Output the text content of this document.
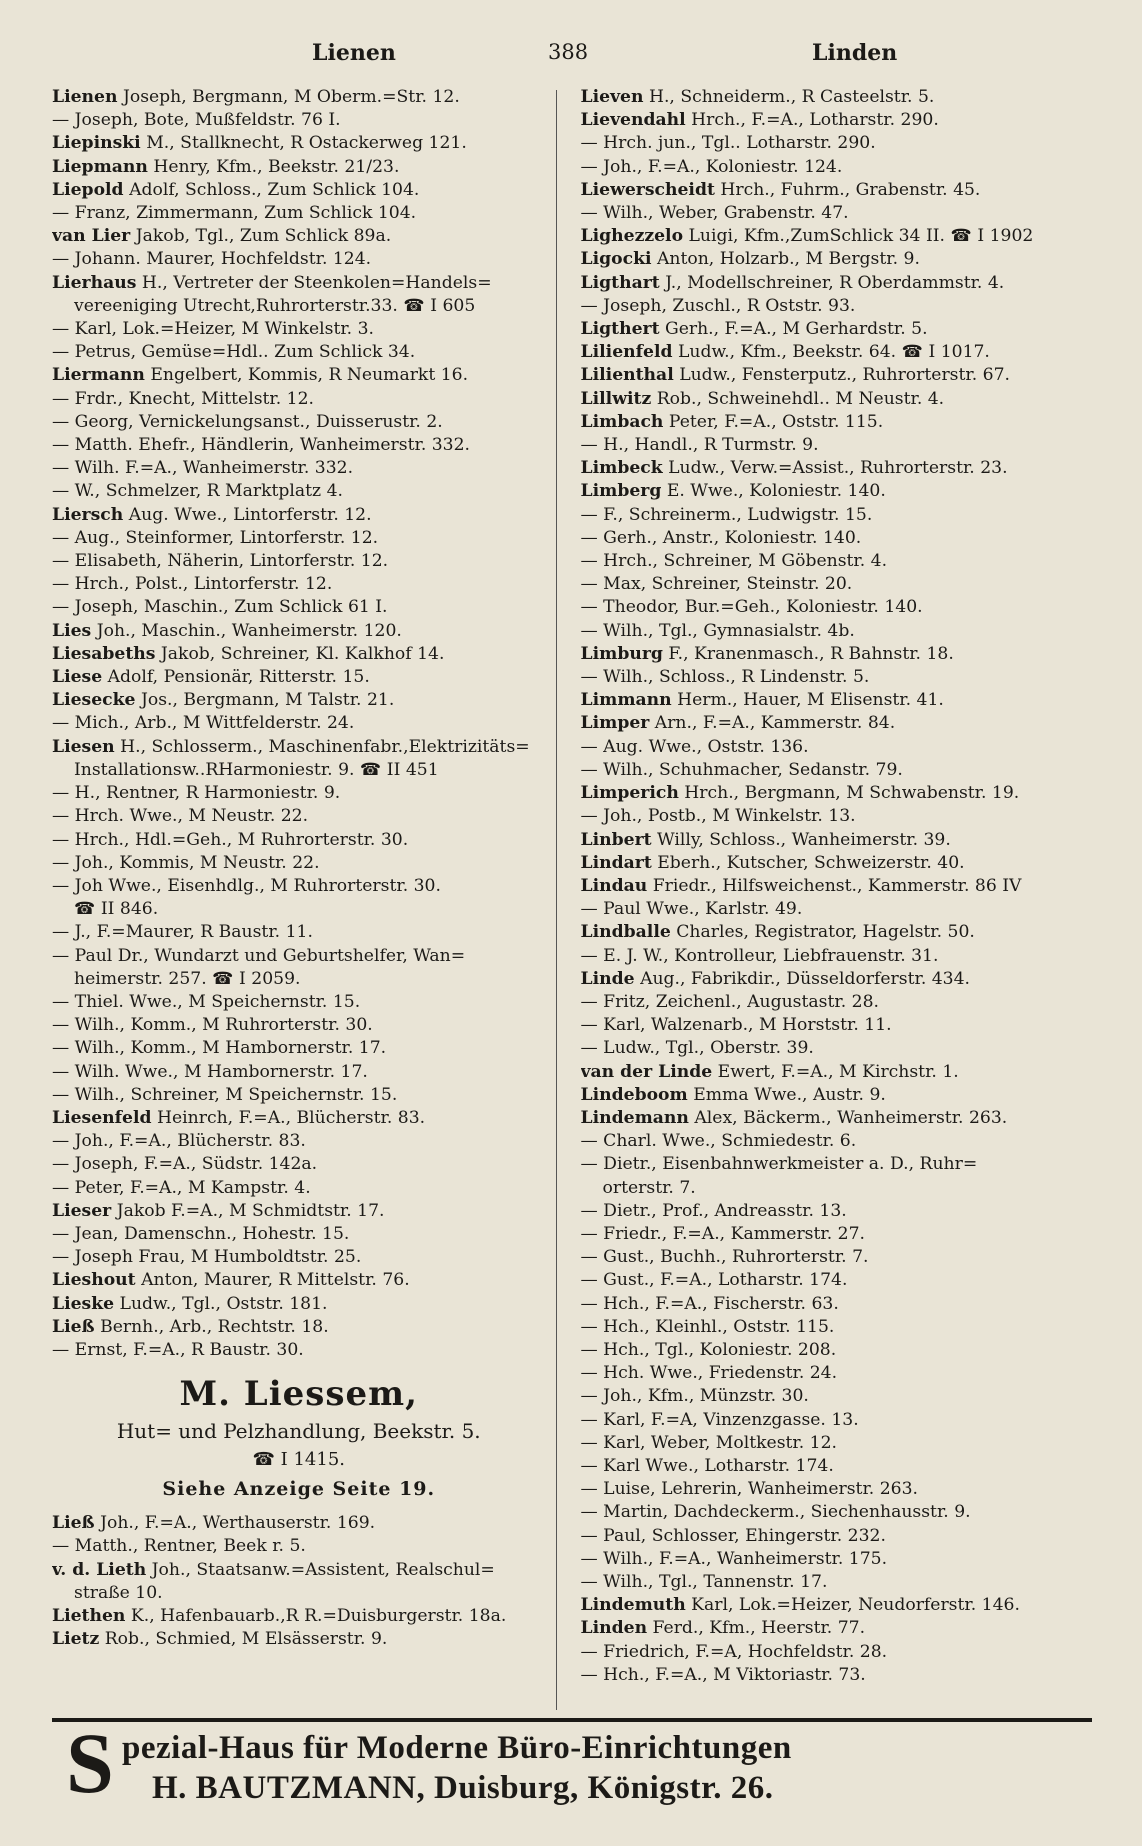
Lienen	388	Linden
Lienen Joseph, Bergmann, M Oberm.=Str. 12.
— Joseph, Bote, Mußfeldstr. 76 I.
Liepinski M., Stallknecht, R Ostackerweg 121.
Liepmann Henry, Kfm., Beekstr. 21/23.
Liepold Adolf, Schloss., Zum Schlick 104.
— Franz, Zimmermann, Zum Schlick 104.
van Lier Jakob, Tgl., Zum Schlick 89a.
— Johann. Maurer, Hochfeldstr. 124.
Lierhaus H., Vertreter der Steenkolen=Handels=
vereeniging Utrecht,Ruhrorterstr.33. ☎ I 605
— Karl, Lok.=Heizer, M Winkelstr. 3.
— Petrus, Gemüse=Hdl.. Zum Schlick 34.
Liermann Engelbert, Kommis, R Neumarkt 16.
— Frdr., Knecht, Mittelstr. 12.
— Georg, Vernickelungsanst., Duisserustr. 2.
— Matth. Ehefr., Händlerin, Wanheimerstr. 332.
— Wilh. F.=A., Wanheimerstr. 332.
— W., Schmelzer, R Marktplatz 4.
Liersch Aug. Wwe., Lintorferstr. 12.
— Aug., Steinformer, Lintorferstr. 12.
— Elisabeth, Näherin, Lintorferstr. 12.
— Hrch., Polst., Lintorferstr. 12.
— Joseph, Maschin., Zum Schlick 61 I.
Lies Joh., Maschin., Wanheimerstr. 120.
Liesabeths Jakob, Schreiner, Kl. Kalkhof 14.
Liese Adolf, Pensionär, Ritterstr. 15.
Liesecke Jos., Bergmann, M Talstr. 21.
— Mich., Arb., M Wittfelderstr. 24.
Liesen H., Schlosserm., Maschinenfabr.,Elektrizitäts=
Installationsw..RHarmoniestr. 9. ☎ II 451
— H., Rentner, R Harmoniestr. 9.
— Hrch. Wwe., M Neustr. 22.
— Hrch., Hdl.=Geh., M Ruhrorterstr. 30.
— Joh., Kommis, M Neustr. 22.
— Joh Wwe., Eisenhdlg., M Ruhrorterstr. 30.
☎ II 846.
— J., F.=Maurer, R Baustr. 11.
— Paul Dr., Wundarzt und Geburtshelfer, Wan=
heimerstr. 257. ☎ I 2059.
— Thiel. Wwe., M Speichernstr. 15.
— Wilh., Komm., M Ruhrorterstr. 30.
— Wilh., Komm., M Hambornerstr. 17.
— Wilh. Wwe., M Hambornerstr. 17.
— Wilh., Schreiner, M Speichernstr. 15.
Liesenfeld Heinrch, F.=A., Blücherstr. 83.
— Joh., F.=A., Blücherstr. 83.
— Joseph, F.=A., Südstr. 142a.
— Peter, F.=A., M Kampstr. 4.
Lieser Jakob F.=A., M Schmidtstr. 17.
— Jean, Damenschn., Hohestr. 15.
— Joseph Frau, M Humboldtstr. 25.
Lieshout Anton, Maurer, R Mittelstr. 76.
Lieske Ludw., Tgl., Oststr. 181.
Ließ Bernh., Arb., Rechtstr. 18.
— Ernst, F.=A., R Baustr. 30.
M. Liessem,
Hut= und Pelzhandlung, Beekstr. 5.
☎ I 1415.
Siehe Anzeige Seite 19.
Ließ Joh., F.=A., Werthauserstr. 169.
— Matth., Rentner, Beek r. 5.
v. d. Lieth Joh., Staatsanw.=Assistent, Realschul=
straße 10.
Liethen K., Hafenbauarb.,R R.=Duisburgerstr. 18a.
Lietz Rob., Schmied, M Elsässerstr. 9.
Lieven H., Schneiderm., R Casteelstr. 5.
Lievendahl Hrch., F.=A., Lotharstr. 290.
— Hrch. jun., Tgl.. Lotharstr. 290.
— Joh., F.=A., Koloniestr. 124.
Liewerscheidt Hrch., Fuhrm., Grabenstr. 45.
— Wilh., Weber, Grabenstr. 47.
Lighezzelo Luigi, Kfm.,ZumSchlick 34 II. ☎ I 1902
Ligocki Anton, Holzarb., M Bergstr. 9.
Ligthart J., Modellschreiner, R Oberdammstr. 4.
— Joseph, Zuschl., R Oststr. 93.
Ligthert Gerh., F.=A., M Gerhardstr. 5.
Lilienfeld Ludw., Kfm., Beekstr. 64. ☎ I 1017.
Lilienthal Ludw., Fensterputz., Ruhrorterstr. 67.
Lillwitz Rob., Schweinehdl.. M Neustr. 4.
Limbach Peter, F.=A., Oststr. 115.
— H., Handl., R Turmstr. 9.
Limbeck Ludw., Verw.=Assist., Ruhrorterstr. 23.
Limberg E. Wwe., Koloniestr. 140.
— F., Schreinerm., Ludwigstr. 15.
— Gerh., Anstr., Koloniestr. 140.
— Hrch., Schreiner, M Göbenstr. 4.
— Max, Schreiner, Steinstr. 20.
— Theodor, Bur.=Geh., Koloniestr. 140.
— Wilh., Tgl., Gymnasialstr. 4b.
Limburg F., Kranenmasch., R Bahnstr. 18.
— Wilh., Schloss., R Lindenstr. 5.
Limmann Herm., Hauer, M Elisenstr. 41.
Limper Arn., F.=A., Kammerstr. 84.
— Aug. Wwe., Oststr. 136.
— Wilh., Schuhmacher, Sedanstr. 79.
Limperich Hrch., Bergmann, M Schwabenstr. 19.
— Joh., Postb., M Winkelstr. 13.
Linbert Willy, Schloss., Wanheimerstr. 39.
Lindart Eberh., Kutscher, Schweizerstr. 40.
Lindau Friedr., Hilfsweichenst., Kammerstr. 86 IV
— Paul Wwe., Karlstr. 49.
Lindballe Charles, Registrator, Hagelstr. 50.
— E. J. W., Kontrolleur, Liebfrauenstr. 31.
Linde Aug., Fabrikdir., Düsseldorferstr. 434.
— Fritz, Zeichenl., Augustastr. 28.
— Karl, Walzenarb., M Horststr. 11.
— Ludw., Tgl., Oberstr. 39.
van der Linde Ewert, F.=A., M Kirchstr. 1.
Lindeboom Emma Wwe., Austr. 9.
Lindemann Alex, Bäckerm., Wanheimerstr. 263.
— Charl. Wwe., Schmiedestr. 6.
— Dietr., Eisenbahnwerkmeister a. D., Ruhr=
orterstr. 7.
— Dietr., Prof., Andreasstr. 13.
— Friedr., F.=A., Kammerstr. 27.
— Gust., Buchh., Ruhrorterstr. 7.
— Gust., F.=A., Lotharstr. 174.
— Hch., F.=A., Fischerstr. 63.
— Hch., Kleinhl., Oststr. 115.
— Hch., Tgl., Koloniestr. 208.
— Hch. Wwe., Friedenstr. 24.
— Joh., Kfm., Münzstr. 30.
— Karl, F.=A, Vinzenzgasse. 13.
— Karl, Weber, Moltkestr. 12.
— Karl Wwe., Lotharstr. 174.
— Luise, Lehrerin, Wanheimerstr. 263.
— Martin, Dachdeckerm., Siechenhausstr. 9.
— Paul, Schlosser, Ehingerstr. 232.
— Wilh., F.=A., Wanheimerstr. 175.
— Wilh., Tgl., Tannenstr. 17.
Lindemuth Karl, Lok.=Heizer, Neudorferstr. 146.
Linden Ferd., Kfm., Heerstr. 77.
— Friedrich, F.=A, Hochfeldstr. 28.
— Hch., F.=A., M Viktoriastr. 73.
S pezial-Haus für Moderne Büro-Einrichtungen
H. BAUTZMANN, Duisburg, Königstr. 26.
